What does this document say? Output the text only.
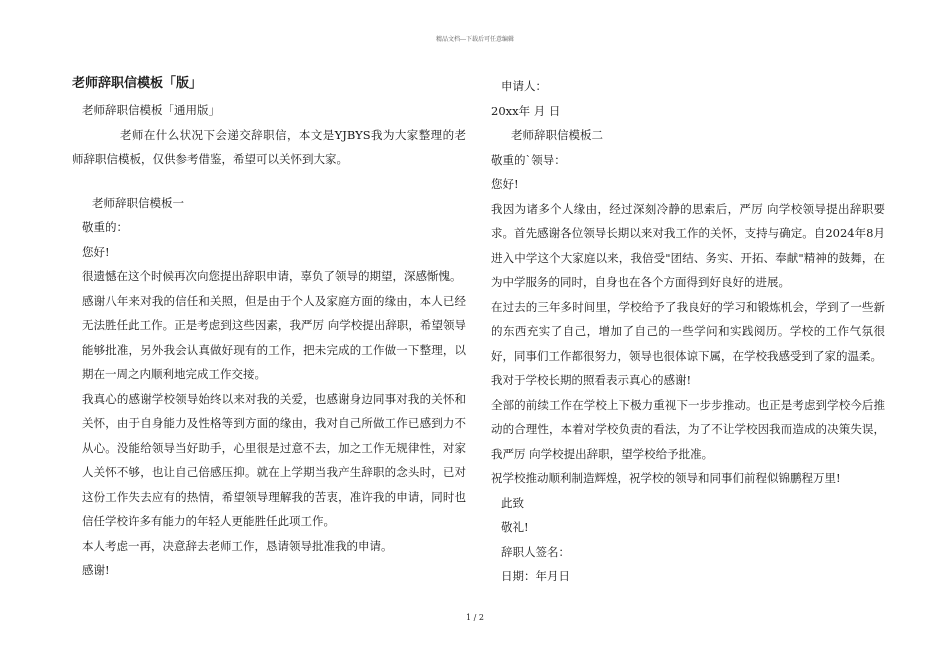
精品文档---下载后可任意编辑

老师辞职信模板「版」

老师辞职信模板「通用版」

老师在什么状况下会递交辞职信，本文是YJBYS我为大家整理的老师辞职信模板，仅供参考借鉴，希望可以关怀到大家。

老师辞职信模板一

敬重的：

您好!

很遗憾在这个时候再次向您提出辞职申请，辜负了领导的期望，深感惭愧。

感谢八年来对我的信任和关照，但是由于个人及家庭方面的缘由，本人已经无法胜任此工作。正是考虑到这些因素，我严厉 向学校提出辞职，希望领导能够批准，另外我会认真做好现有的工作，把未完成的工作做一下整理，以期在一周之内顺利地完成工作交接。

我真心的感谢学校领导始终以来对我的关爱，也感谢身边同事对我的关怀和关怀，由于自身能力及性格等到方面的缘由，我对自己所做工作已感到力不从心。没能给领导当好助手，心里很是过意不去，加之工作无规律性，对家人关怀不够，也让自己倍感压抑。就在上学期当我产生辞职的念头时，已对这份工作失去应有的热情，希望领导理解我的苦衷，准许我的申请，同时也信任学校许多有能力的年轻人更能胜任此项工作。

本人考虑一再，决意辞去老师工作，恳请领导批准我的申请。

感谢!

申请人：

20xx年 月 日

老师辞职信模板二

敬重的`领导：

您好!

我因为诸多个人缘由，经过深刻冷静的思索后，严厉 向学校领导提出辞职要求。首先感谢各位领导长期以来对我工作的关怀，支持与确定。自2024年8月进入中学这个大家庭以来，我倍受"团结、务实、开拓、奉献"精神的鼓舞，在为中学服务的同时，自身也在各个方面得到好良好的进展。

在过去的三年多时间里，学校给予了我良好的学习和锻炼机会，学到了一些新的东西充实了自己，增加了自己的一些学问和实践阅历。学校的工作气氛很好，同事们工作都很努力，领导也很体谅下属，在学校我感受到了家的温柔。

我对于学校长期的照看表示真心的感谢!

全部的前续工作在学校上下极力重视下一步步推动。也正是考虑到学校今后推动的合理性，本着对学校负责的看法，为了不让学校因我而造成的决策失误，我严厉 向学校提出辞职，望学校给予批准。

祝学校推动顺利制造辉煌，祝学校的领导和同事们前程似锦鹏程万里!

此致

敬礼!

辞职人签名：

日期：年月日

1 / 2
